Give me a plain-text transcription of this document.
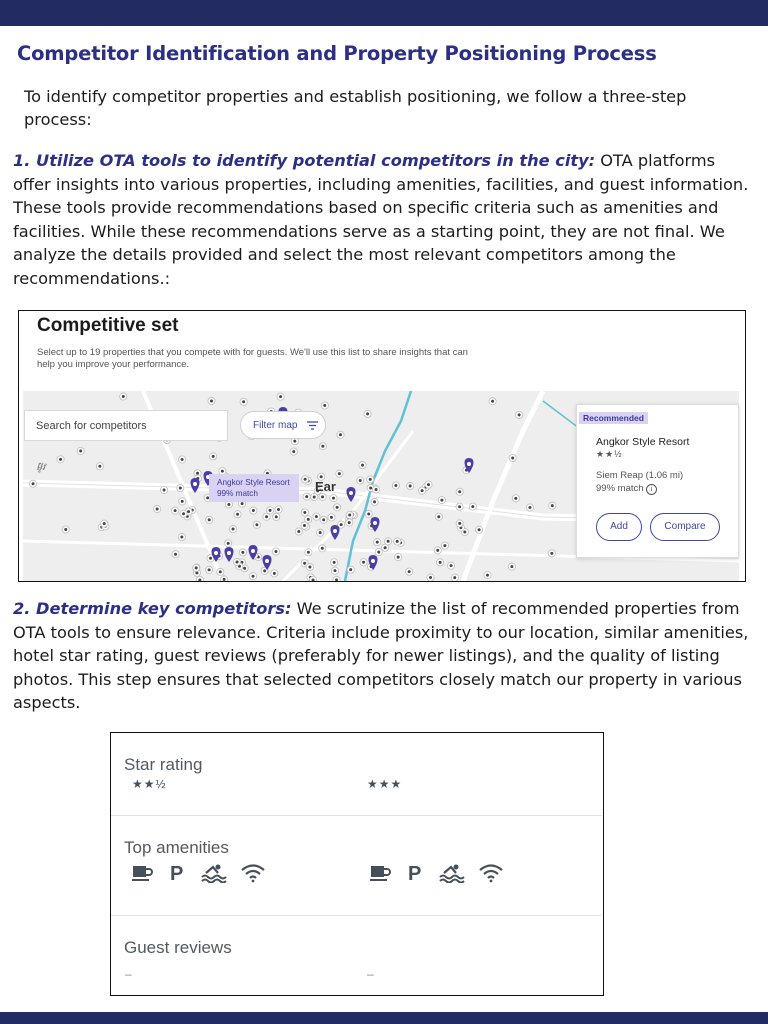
Competitor Identification and Property Positioning Process

To identify competitor properties and establish positioning, we follow a three-step process:

1. Utilize OTA tools to identify potential competitors in the city: OTA platforms offer insights into various properties, including amenities, facilities, and guest information. These tools provide recommendations based on specific criteria such as amenities and facilities. While these recommendations serve as a starting point, they are not final. We analyze the details provided and select the most relevant competitors among the recommendations.:

Competitive set
Select up to 19 properties that you compete with for guests. We'll use this list to share insights that can help you improve your performance.
ផ្លូវ
Ear
Search for competitors	Filter map
Angkor Style Resort
99% match
Recommended
Angkor Style Resort
★★½
Siem Reap (1.06 mi)
99% match i
Add	Compare

2. Determine key competitors: We scrutinize the list of recommended properties from OTA tools to ensure relevance. Criteria include proximity to our location, similar amenities, hotel star rating, guest reviews (preferably for newer listings), and the quality of listing photos. This step ensures that selected competitors closely match our property in various aspects.

Star rating
★★½	★★★
Top amenities
P	P
Guest reviews
–	–
